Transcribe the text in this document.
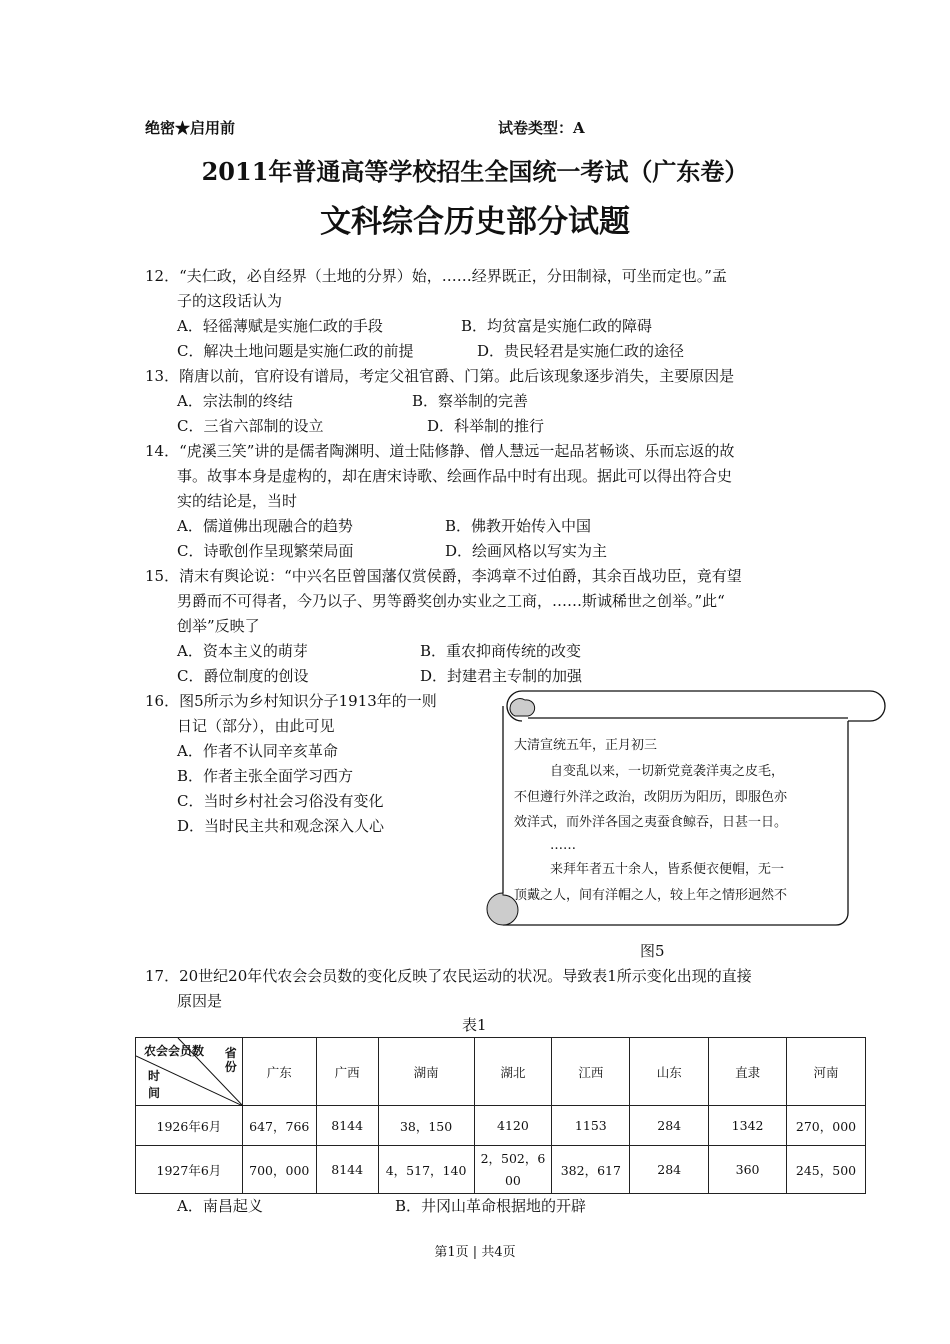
绝密★启用前	试卷类型：A
2011年普通高等学校招生全国统一考试（广东卷）
文科综合历史部分试题
12．“夫仁政，必自经界（土地的分界）始，……经界既正，分田制禄，可坐而定也。”孟
子的这段话认为
A．轻徭薄赋是实施仁政的手段	B．均贫富是实施仁政的障碍
C．解决土地问题是实施仁政的前提	D．贵民轻君是实施仁政的途径
13．隋唐以前，官府设有谱局，考定父祖官爵、门第。此后该现象逐步消失，主要原因是
A．宗法制的终结	B．察举制的完善
C．三省六部制的设立	D．科举制的推行
14．“虎溪三笑”讲的是儒者陶渊明、道士陆修静、僧人慧远一起品茗畅谈、乐而忘返的故
事。故事本身是虚构的，却在唐宋诗歌、绘画作品中时有出现。据此可以得出符合史
实的结论是，当时
A．儒道佛出现融合的趋势	B．佛教开始传入中国
C．诗歌创作呈现繁荣局面	D．绘画风格以写实为主
15．清末有舆论说：“中兴名臣曾国藩仅赏侯爵，李鸿章不过伯爵，其余百战功臣，竟有望
男爵而不可得者，今乃以子、男等爵奖创办实业之工商，……斯诚稀世之创举。”此“
创举”反映了
A．资本主义的萌芽	B．重农抑商传统的改变
C．爵位制度的创设	D．封建君主专制的加强
16．图5所示为乡村知识分子1913年的一则
日记（部分），由此可见
A．作者不认同辛亥革命
B．作者主张全面学习西方
C．当时乡村社会习俗没有变化
D．当时民主共和观念深入人心
大清宣统五年，正月初三
自变乱以来，一切新党竟袭洋夷之皮毛，
不但遵行外洋之政治，改阴历为阳历，即服色亦
效洋式，而外洋各国之夷蚕食鲸吞，日甚一日。
……
来拜年者五十余人，皆系便衣便帽，无一
顶戴之人，间有洋帽之人，较上年之情形迥然不
图5
17．20世纪20年代农会会员数的变化反映了农民运动的状况。导致表1所示变化出现的直接
原因是
表1
省份
农会会员数
时间	广东	广西	湖南	湖北	江西	山东	直隶	河南
1926年6月	647，766	8144	38，150	4120	1153	284	1342	270，000
1927年6月	700，000	8144	4，517，140	2，502，600	382，617	284	360	245，500
A．南昌起义	B．井冈山革命根据地的开辟
第1页 | 共4页
